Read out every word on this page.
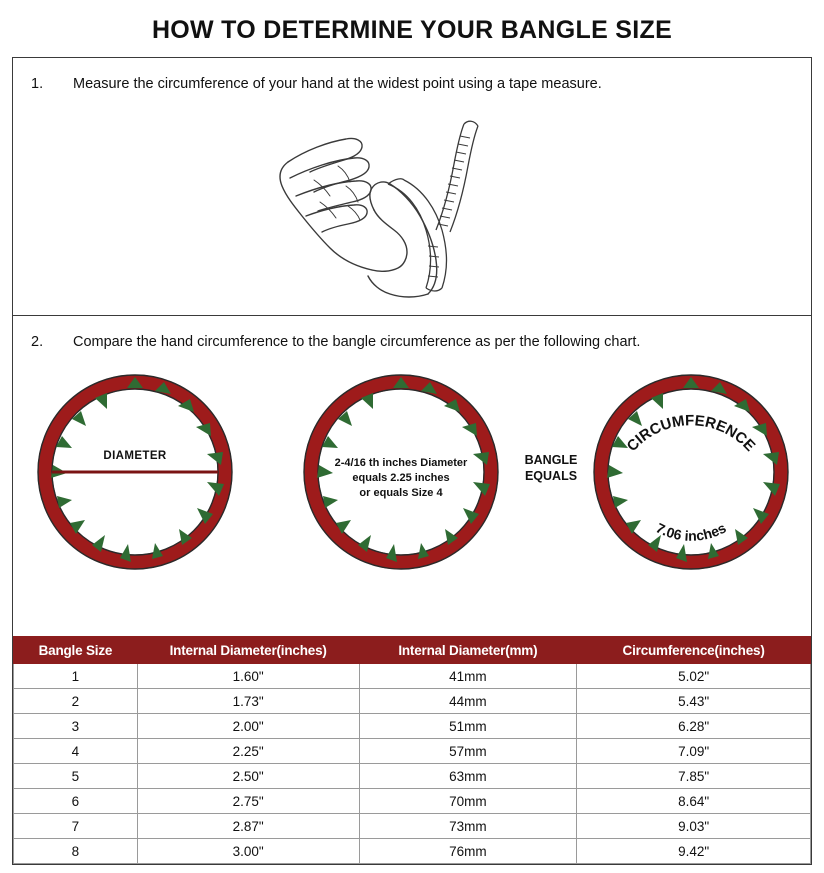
HOW TO DETERMINE YOUR BANGLE SIZE
1.	Measure the circumference of your hand at the widest point using a tape measure.
2.	Compare the hand circumference to the bangle circumference as per the following chart.
DIAMETER
2-4/16 th inches Diameter
equals 2.25 inches
or equals Size 4
BANGLE
EQUALS
CIRCUMFERENCE
7.06 inches
Bangle Size	Internal Diameter(inches)	Internal Diameter(mm)	Circumference(inches)
1	1.60"	41mm	5.02"
2	1.73"	44mm	5.43"
3	2.00"	51mm	6.28"
4	2.25"	57mm	7.09"
5	2.50"	63mm	7.85"
6	2.75"	70mm	8.64"
7	2.87"	73mm	9.03"
8	3.00"	76mm	9.42"
